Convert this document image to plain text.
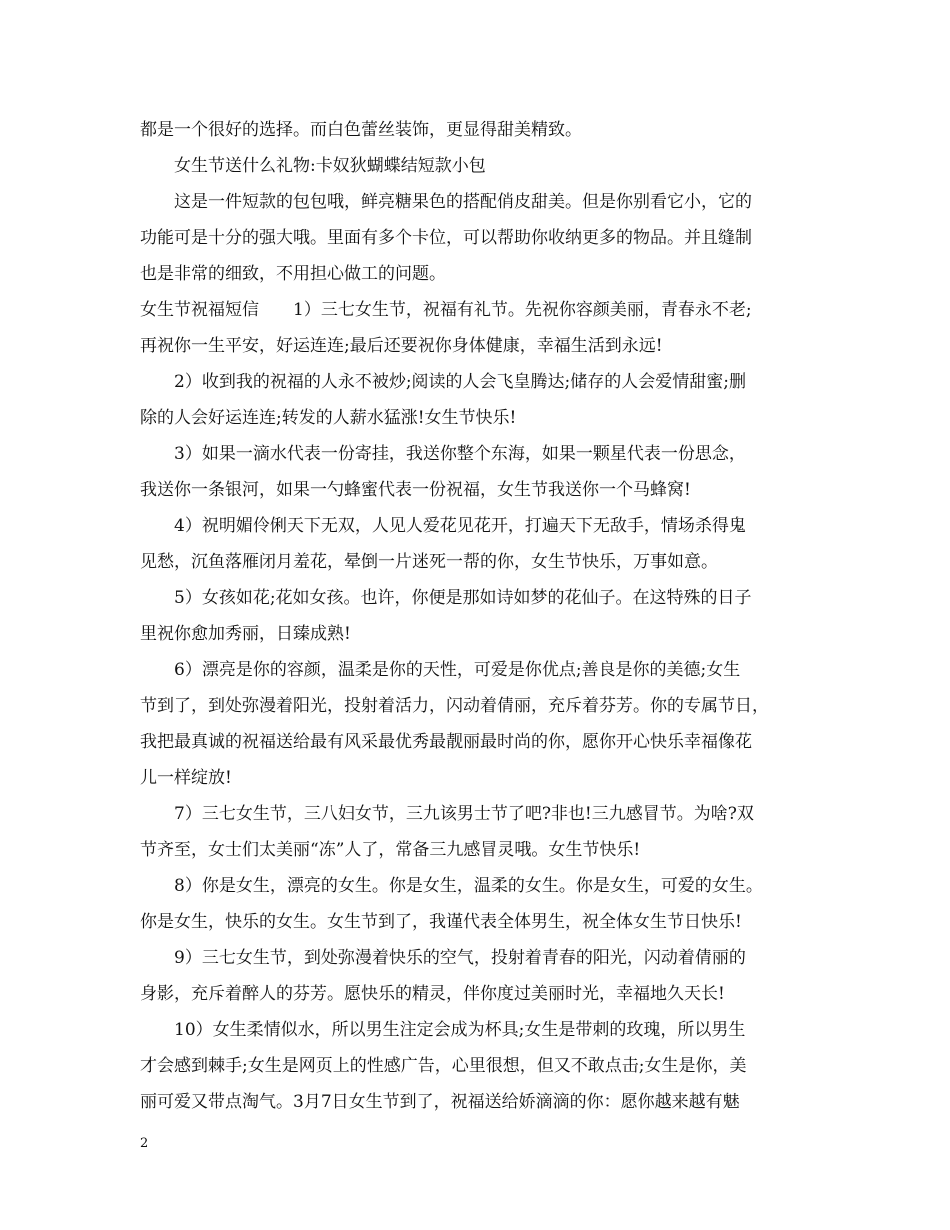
都是一个很好的选择。而白色蕾丝装饰，更显得甜美精致。
女生节送什么礼物:卡奴狄蝴蝶结短款小包
这是一件短款的包包哦，鲜亮糖果色的搭配俏皮甜美。但是你别看它小，它的
功能可是十分的强大哦。里面有多个卡位，可以帮助你收纳更多的物品。并且缝制
也是非常的细致，不用担心做工的问题。
女生节祝福短信　　1）三七女生节，祝福有礼节。先祝你容颜美丽，青春永不老;
再祝你一生平安，好运连连;最后还要祝你身体健康，幸福生活到永远!
2）收到我的祝福的人永不被炒;阅读的人会飞皇腾达;储存的人会爱情甜蜜;删
除的人会好运连连;转发的人薪水猛涨!女生节快乐!
3）如果一滴水代表一份寄挂，我送你整个东海，如果一颗星代表一份思念，
我送你一条银河，如果一勺蜂蜜代表一份祝福，女生节我送你一个马蜂窝!
4）祝明媚伶俐天下无双，人见人爱花见花开，打遍天下无敌手，情场杀得鬼
见愁，沉鱼落雁闭月羞花，晕倒一片迷死一帮的你，女生节快乐，万事如意。
5）女孩如花;花如女孩。也许，你便是那如诗如梦的花仙子。在这特殊的日子
里祝你愈加秀丽，日臻成熟!
6）漂亮是你的容颜，温柔是你的天性，可爱是你优点;善良是你的美德;女生
节到了，到处弥漫着阳光，投射着活力，闪动着倩丽，充斥着芬芳。你的专属节日，
我把最真诚的祝福送给最有风采最优秀最靓丽最时尚的你，愿你开心快乐幸福像花
儿一样绽放!
7）三七女生节，三八妇女节，三九该男士节了吧?非也!三九感冒节。为啥?双
节齐至，女士们太美丽“冻”人了，常备三九感冒灵哦。女生节快乐!
8）你是女生，漂亮的女生。你是女生，温柔的女生。你是女生，可爱的女生。
你是女生，快乐的女生。女生节到了，我谨代表全体男生，祝全体女生节日快乐!
9）三七女生节，到处弥漫着快乐的空气，投射着青春的阳光，闪动着倩丽的
身影，充斥着醉人的芬芳。愿快乐的精灵，伴你度过美丽时光，幸福地久天长!
10）女生柔情似水，所以男生注定会成为杯具;女生是带刺的玫瑰，所以男生
才会感到棘手;女生是网页上的性感广告，心里很想，但又不敢点击;女生是你，美
丽可爱又带点淘气。3月7日女生节到了，祝福送给娇滴滴的你：愿你越来越有魅
2
